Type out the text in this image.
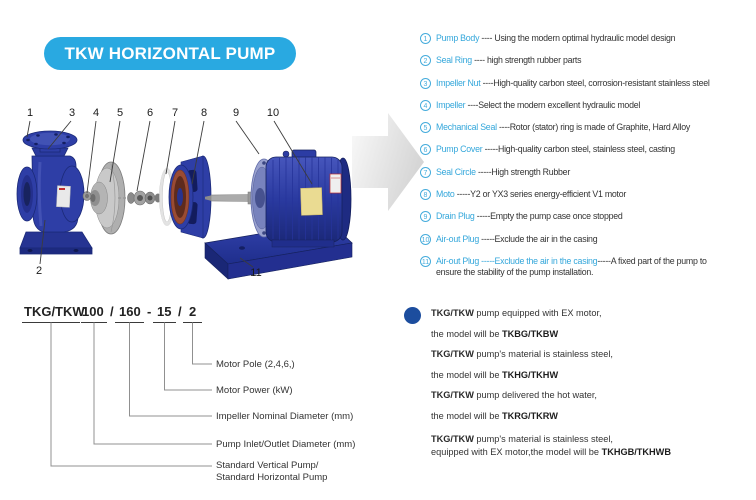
TKW HORIZONTAL PUMP
1
2
3 4 5 6 7 8 9	10
11
1 Pump Body ---- Using the modern optimal hydraulic model design
2 Seal Ring ---- high strength rubber parts
3 Impeller Nut ----High-quality carbon steel, corrosion-resistant stainless steel
4 Impeller ----Select the modern excellent hydraulic model
5 Mechanical Seal ----Rotor (stator) ring is made of Graphite, Hard Alloy
6 Pump Cover -----High-quality carbon steel, stainless steel, casting
7 Seal Circle -----High strength Rubber
8 Moto -----Y2 or YX3 series energy-efficient V1 motor
9 Drain Plug -----Empty the pump case once stopped
10 Air-out Plug -----Exclude the air in the casing
11 Air-out Plug -----Exclude the air in the casing-----A fixed part of the pump to
ensure the stability of the pump installation.
TKG/TKW
100 / 160 - 15 / 2
Motor Pole (2,4,6,)
Motor Power (kW)
Impeller Nominal Diameter (mm)
Pump Inlet/Outlet Diameter (mm)
Standard Vertical Pump/
Standard Horizontal Pump
TKG/TKW pump equipped with EX motor,
the model will be TKBG/TKBW
TKG/TKW pump's material is stainless steel,
the model will be TKHG/TKHW
TKG/TKW pump delivered the hot water,
the model will be TKRG/TKRW
TKG/TKW pump's material is stainless steel,
equipped with EX motor,the model will be TKHGB/TKHWB
